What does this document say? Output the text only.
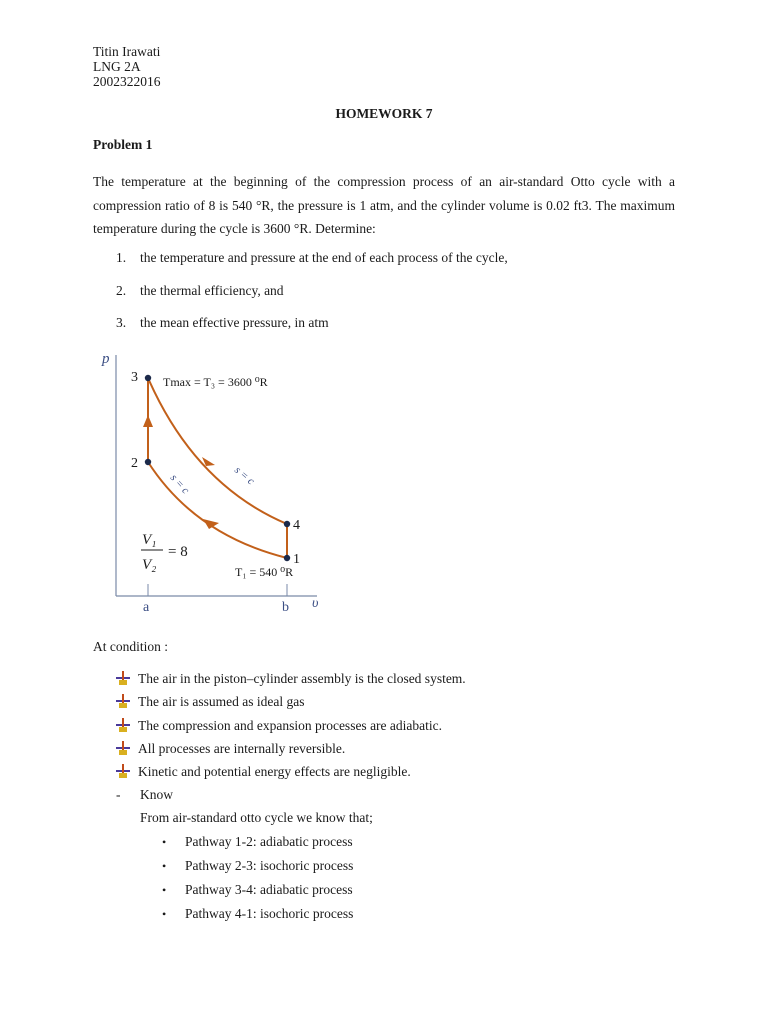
Titin Irawati
LNG 2A
2002322016
HOMEWORK 7
Problem 1
The temperature at the beginning of the compression process of an air-standard Otto cycle with a compression ratio of 8 is 540 °R, the pressure is 1 atm, and the cylinder volume is 0.02 ft3. The maximum temperature during the cycle is 3600 °R. Determine:
1. the temperature and pressure at the end of each process of the cycle,
2. the thermal efficiency, and
3. the mean effective pressure, in atm
p
υ
3
2
4
1
Tmax = T₃ = 3600 ⁰R
T₁ = 540 ⁰R
s = c	s = c
V₁
V₂
= 8
a	b
At condition :
The air in the piston–cylinder assembly is the closed system.
The air is assumed as ideal gas
The compression and expansion processes are adiabatic.
All processes are internally reversible.
Kinetic and potential energy effects are negligible.
- Know
From air-standard otto cycle we know that;
• Pathway 1-2: adiabatic process
• Pathway 2-3: isochoric process
• Pathway 3-4: adiabatic process
• Pathway 4-1: isochoric process
